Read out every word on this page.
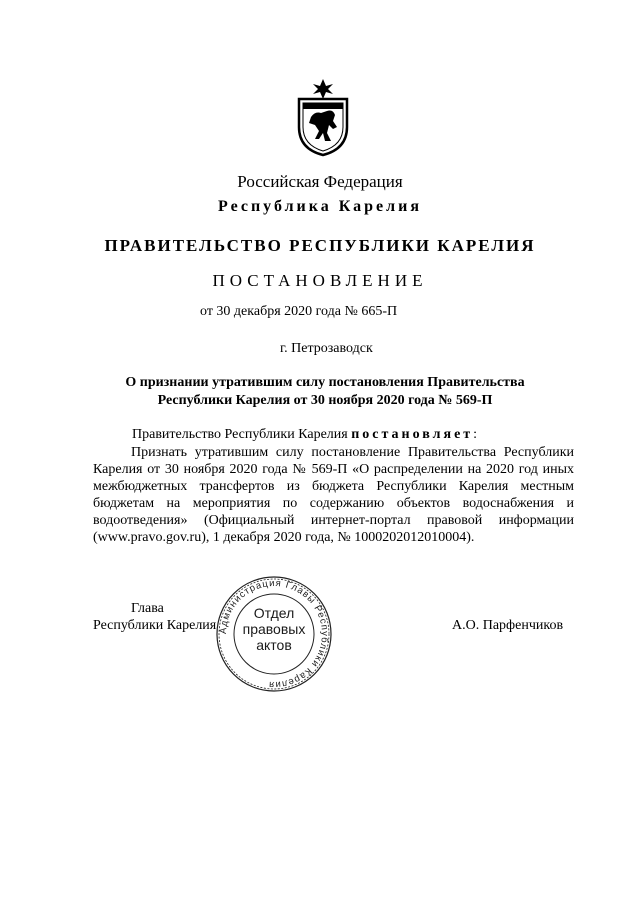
Российская Федерация
Республика Карелия
ПРАВИТЕЛЬСТВО РЕСПУБЛИКИ КАРЕЛИЯ
ПОСТАНОВЛЕНИЕ
от 30 декабря 2020 года № 665-П
г. Петрозаводск
О признании утратившим силу постановления Правительства
Республики Карелия от 30 ноября 2020 года № 569-П
Правительство Республики Карелия постановляет:
Признать утратившим силу постановление Правительства Республики Карелия от 30 ноября 2020 года № 569-П «О распределении на 2020 год иных межбюджетных трансфертов из бюджета Республики Карелия местным бюджетам на мероприятия по содержанию объектов водоснабжения и водоотведения» (Официальный интернет-портал правовой информации (www.pravo.gov.ru), 1 декабря 2020 года, № 1000202012010004).
Глава
Республики Карелия	А.О. Парфенчиков
Администрация Главы Республики Карелия
Отдел
правовых
актов
